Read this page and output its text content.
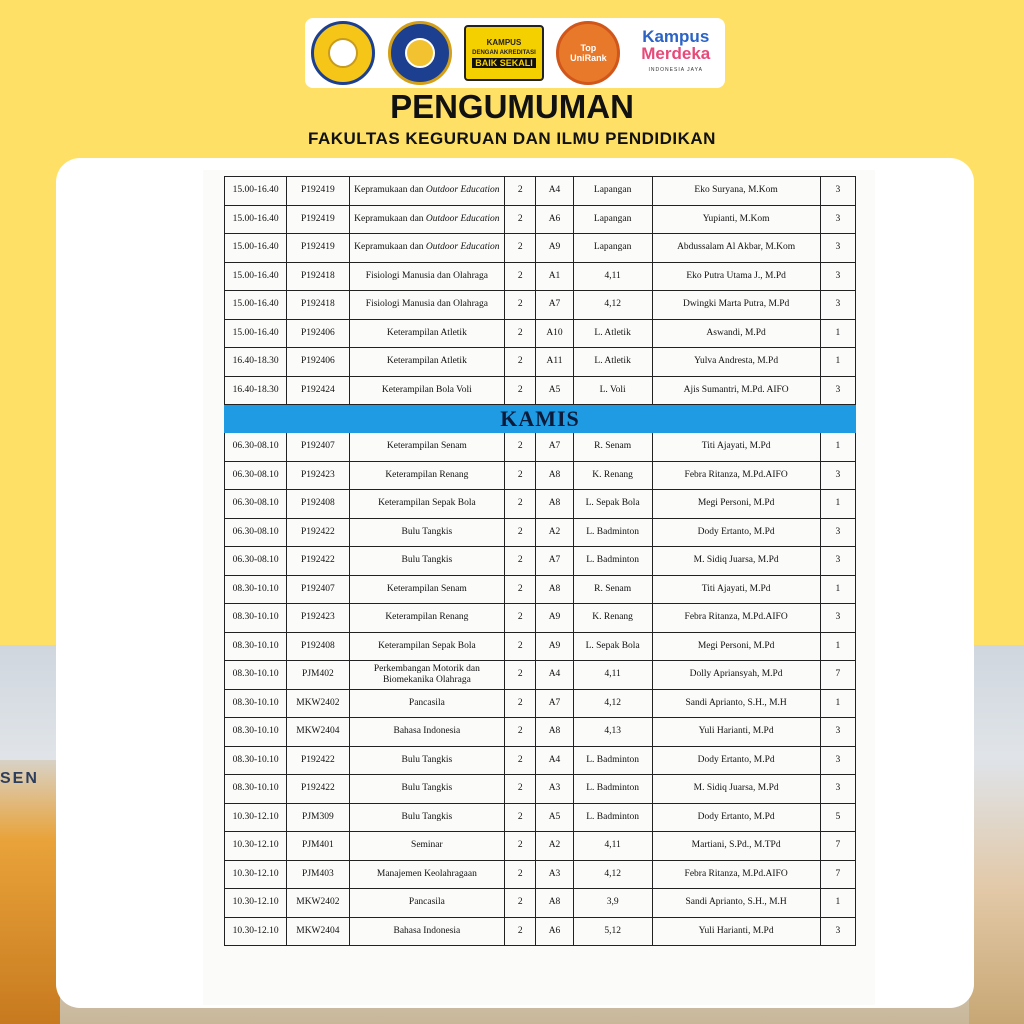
SEN
KAMPUS
DENGAN AKREDITASI
BAIK SEKALI
Top
UniRank
Kampus
Merdeka
INDONESIA JAYA
PENGUMUMAN
FAKULTAS KEGURUAN DAN ILMU PENDIDIKAN
15.00-16.40	P192419	Kepramukaan dan Outdoor Education	2	A4	Lapangan	Eko Suryana, M.Kom	3
15.00-16.40	P192419	Kepramukaan dan Outdoor Education	2	A6	Lapangan	Yupianti, M.Kom	3
15.00-16.40	P192419	Kepramukaan dan Outdoor Education	2	A9	Lapangan	Abdussalam Al Akbar, M.Kom	3
15.00-16.40	P192418	Fisiologi Manusia dan Olahraga	2	A1	4,11	Eko Putra Utama J., M.Pd	3
15.00-16.40	P192418	Fisiologi Manusia dan Olahraga	2	A7	4,12	Dwingki Marta Putra, M.Pd	3
15.00-16.40	P192406	Keterampilan Atletik	2	A10	L. Atletik	Aswandi, M.Pd	1
16.40-18.30	P192406	Keterampilan Atletik	2	A11	L. Atletik	Yulva Andresta, M.Pd	1
16.40-18.30	P192424	Keterampilan Bola Voli	2	A5	L. Voli	Ajis Sumantri, M.Pd. AIFO	3
KAMIS							
06.30-08.10	P192407	Keterampilan Senam	2	A7	R. Senam	Titi Ajayati, M.Pd	1
06.30-08.10	P192423	Keterampilan Renang	2	A8	K. Renang	Febra Ritanza, M.Pd.AIFO	3
06.30-08.10	P192408	Keterampilan Sepak Bola	2	A8	L. Sepak Bola	Megi Personi, M.Pd	1
06.30-08.10	P192422	Bulu Tangkis	2	A2	L. Badminton	Dody Ertanto, M.Pd	3
06.30-08.10	P192422	Bulu Tangkis	2	A7	L. Badminton	M. Sidiq Juarsa, M.Pd	3
08.30-10.10	P192407	Keterampilan Senam	2	A8	R. Senam	Titi Ajayati, M.Pd	1
08.30-10.10	P192423	Keterampilan Renang	2	A9	K. Renang	Febra Ritanza, M.Pd.AIFO	3
08.30-10.10	P192408	Keterampilan Sepak Bola	2	A9	L. Sepak Bola	Megi Personi, M.Pd	1
08.30-10.10	PJM402	Perkembangan Motorik dan Biomekanika Olahraga	2	A4	4,11	Dolly Apriansyah, M.Pd	7
08.30-10.10	MKW2402	Pancasila	2	A7	4,12	Sandi Aprianto, S.H., M.H	1
08.30-10.10	MKW2404	Bahasa Indonesia	2	A8	4,13	Yuli Harianti, M.Pd	3
08.30-10.10	P192422	Bulu Tangkis	2	A4	L. Badminton	Dody Ertanto, M.Pd	3
08.30-10.10	P192422	Bulu Tangkis	2	A3	L. Badminton	M. Sidiq Juarsa, M.Pd	3
10.30-12.10	PJM309	Bulu Tangkis	2	A5	L. Badminton	Dody Ertanto, M.Pd	5
10.30-12.10	PJM401	Seminar	2	A2	4,11	Martiani, S.Pd., M.TPd	7
10.30-12.10	PJM403	Manajemen Keolahragaan	2	A3	4,12	Febra Ritanza, M.Pd.AIFO	7
10.30-12.10	MKW2402	Pancasila	2	A8	3,9	Sandi Aprianto, S.H., M.H	1
10.30-12.10	MKW2404	Bahasa Indonesia	2	A6	5,12	Yuli Harianti, M.Pd	3
